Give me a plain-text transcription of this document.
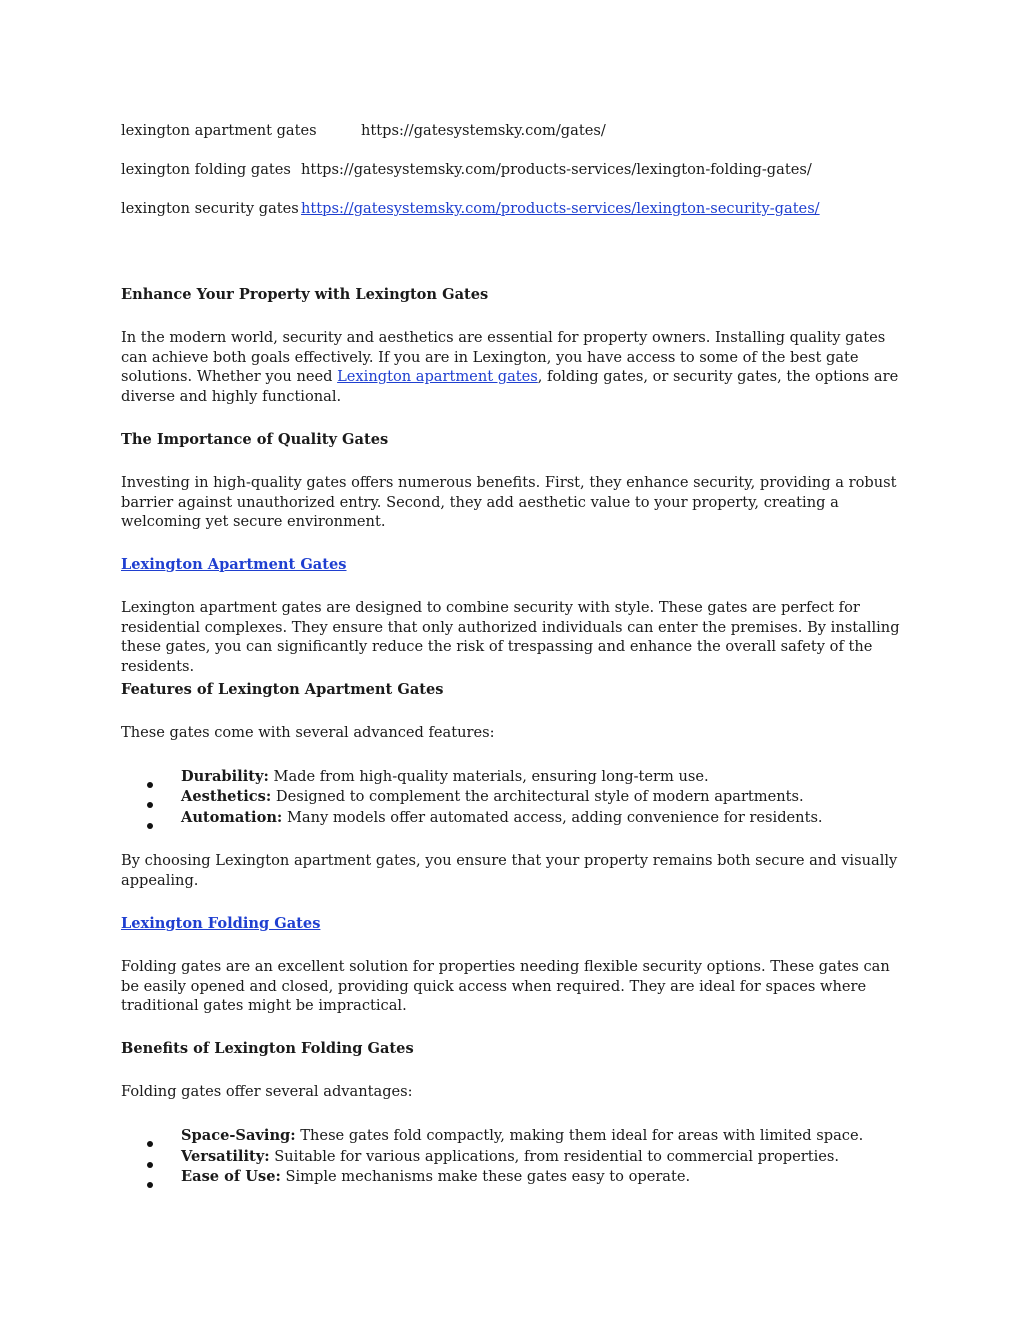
lexington apartment gates	https://gatesystemsky.com/gates/
lexington folding gates https://gatesystemsky.com/products-services/lexington-folding-gates/
lexington security gates https://gatesystemsky.com/products-services/lexington-security-gates/
Enhance Your Property with Lexington Gates
In the modern world, security and aesthetics are essential for property owners. Installing quality gates can achieve both goals effectively. If you are in Lexington, you have access to some of the best gate solutions. Whether you need Lexington apartment gates, folding gates, or security gates, the options are diverse and highly functional.
The Importance of Quality Gates
Investing in high-quality gates offers numerous benefits. First, they enhance security, providing a robust barrier against unauthorized entry. Second, they add aesthetic value to your property, creating a welcoming yet secure environment.
Lexington Apartment Gates
Lexington apartment gates are designed to combine security with style. These gates are perfect for residential complexes. They ensure that only authorized individuals can enter the premises. By installing these gates, you can significantly reduce the risk of trespassing and enhance the overall safety of the residents.
Features of Lexington Apartment Gates
These gates come with several advanced features:
Durability: Made from high-quality materials, ensuring long-term use.
Aesthetics: Designed to complement the architectural style of modern apartments.
Automation: Many models offer automated access, adding convenience for residents.
By choosing Lexington apartment gates, you ensure that your property remains both secure and visually appealing.
Lexington Folding Gates
Folding gates are an excellent solution for properties needing flexible security options. These gates can be easily opened and closed, providing quick access when required. They are ideal for spaces where traditional gates might be impractical.
Benefits of Lexington Folding Gates
Folding gates offer several advantages:
Space-Saving: These gates fold compactly, making them ideal for areas with limited space.
Versatility: Suitable for various applications, from residential to commercial properties.
Ease of Use: Simple mechanisms make these gates easy to operate.
